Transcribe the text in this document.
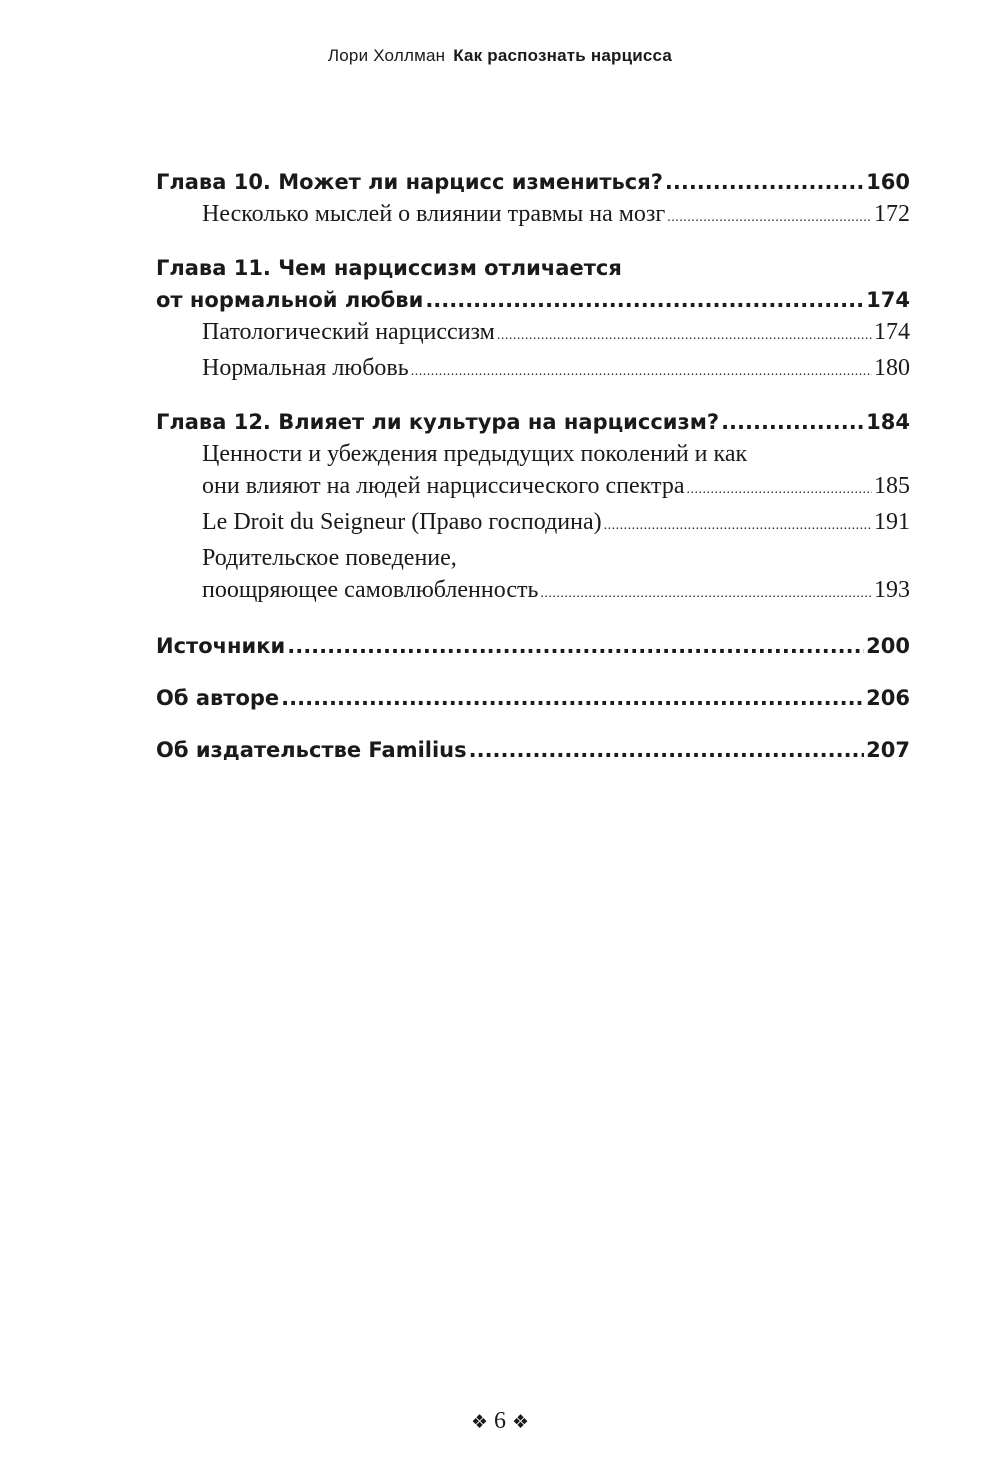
Лори Холлман Как распознать нарцисса
Глава 10. Может ли нарцисс измениться? .....	160
Несколько мыслей о влиянии травмы на мозг .....	172
Глава 11. Чем нарциссизм отличается
от нормальной любви .....	174
Патологический нарциссизм .....	174
Нормальная любовь .....	180
Глава 12. Влияет ли культура на нарциссизм? .....	184
Ценности и убеждения предыдущих поколений и как
они влияют на людей нарциссического спектра .....	185
Le Droit du Seigneur (Право господина) .....	191
Родительское поведение,
поощряющее самовлюбленность .....	193
Источники .....	200
Об авторе .....	206
Об издательстве Familius .....	207
❖ 6 ❖
